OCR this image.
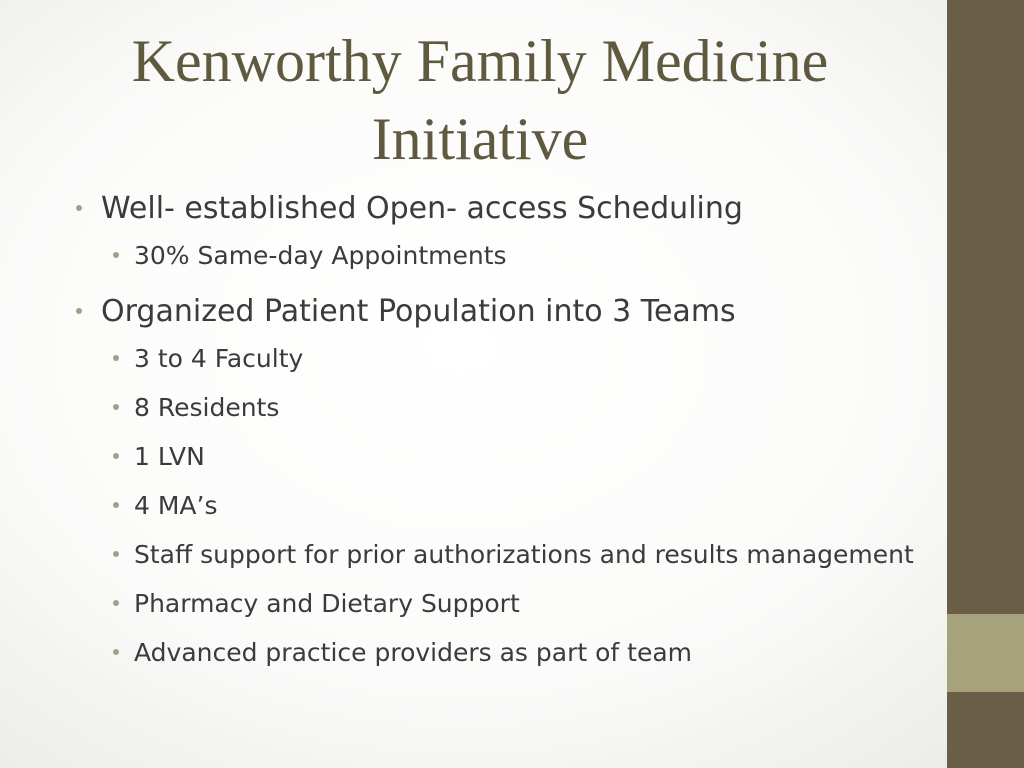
Kenworthy Family Medicine Initiative
Well- established Open- access Scheduling
30% Same-day Appointments
Organized Patient Population into 3 Teams
3 to 4 Faculty
8 Residents
1 LVN
4 MA’s
Staff support for prior authorizations and results management
Pharmacy and Dietary Support
Advanced practice providers as part of team
